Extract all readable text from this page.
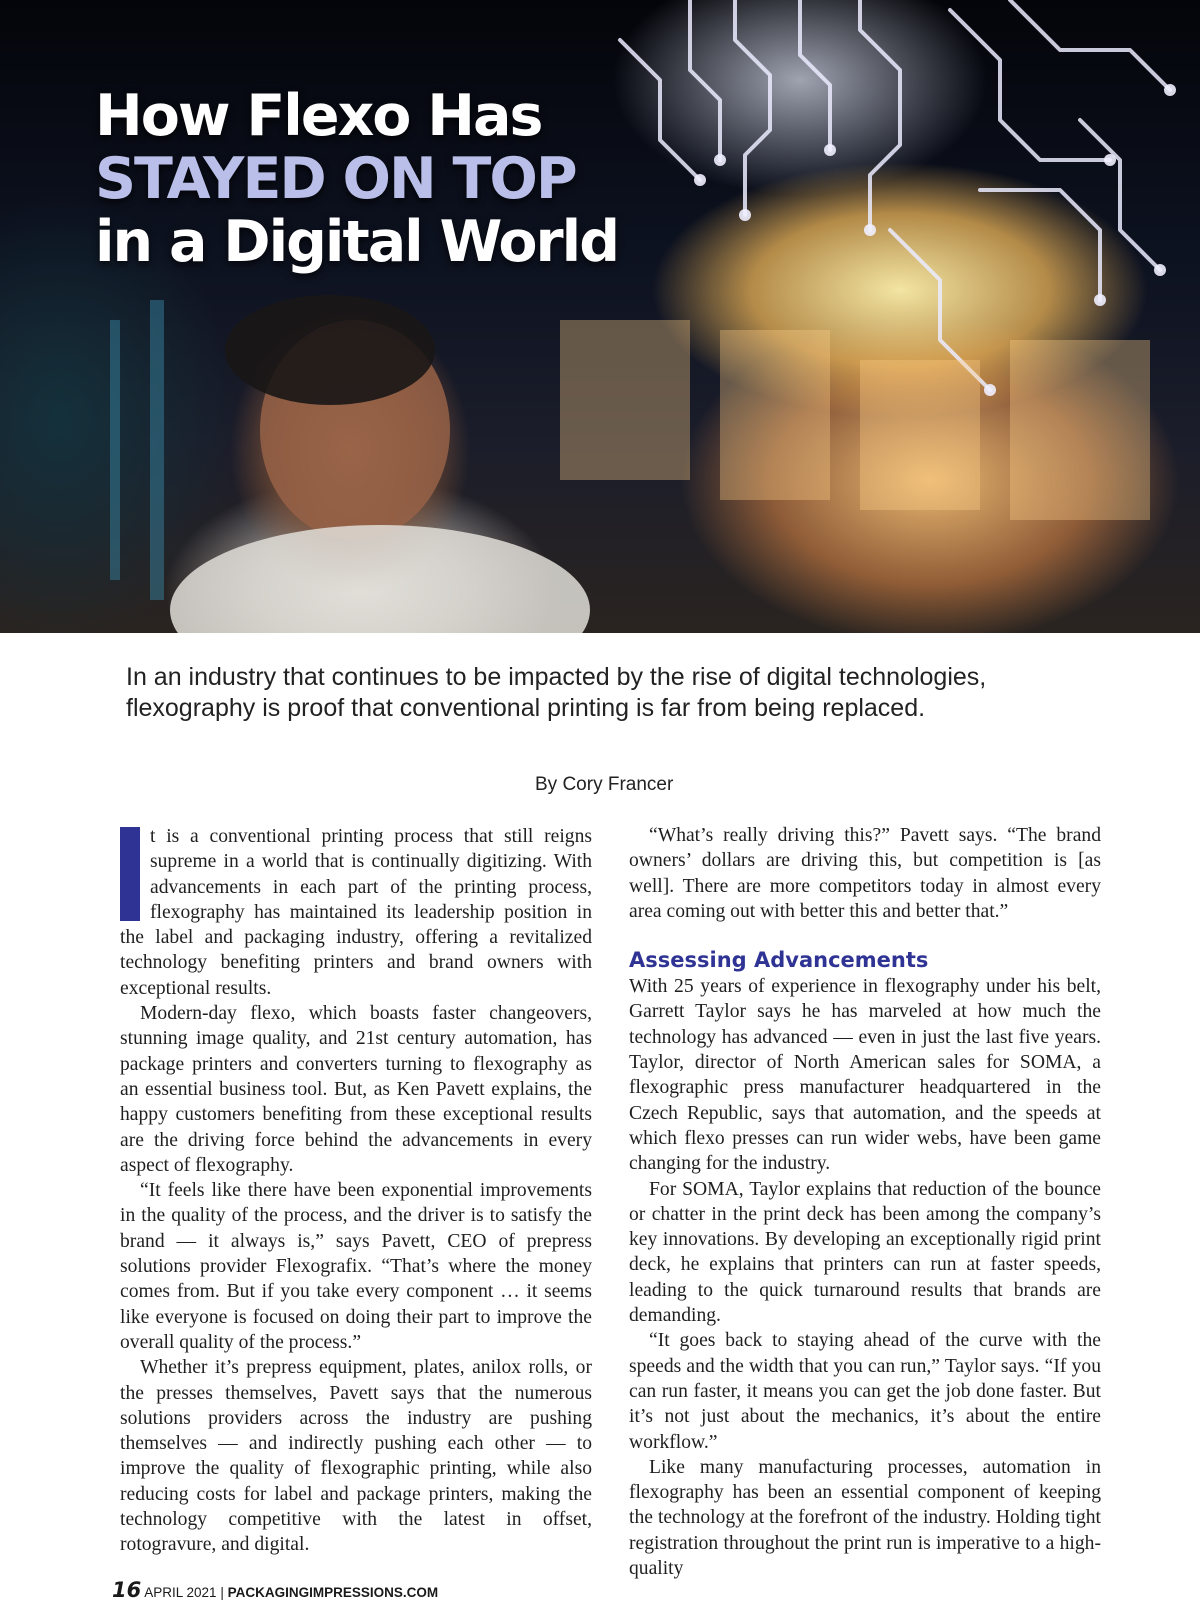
How Flexo Has
STAYED ON TOP
in a Digital World

In an industry that continues to be impacted by the rise of digital technologies, flexography is proof that conventional printing is far from being replaced.

By Cory Francer

t is a conventional printing process that still reigns supreme in a world that is continually digitizing. With advancements in each part of the printing process, flexography has maintained its leadership position in the label and packaging industry, offering a revitalized technology benefiting printers and brand owners with exceptional results.

Modern-day flexo, which boasts faster changeovers, stunning image quality, and 21st century automation, has package printers and converters turning to flexography as an essential business tool. But, as Ken Pavett explains, the happy customers benefiting from these exceptional results are the driving force behind the advancements in every aspect of flexography.

“It feels like there have been exponential improvements in the quality of the process, and the driver is to satisfy the brand — it always is,” says Pavett, CEO of prepress solutions provider Flexografix. “That’s where the money comes from. But if you take every component … it seems like everyone is focused on doing their part to improve the overall quality of the process.”

Whether it’s prepress equipment, plates, anilox rolls, or the presses themselves, Pavett says that the numerous solutions providers across the industry are pushing themselves — and indirectly pushing each other — to improve the quality of flexographic printing, while also reducing costs for label and package printers, making the technology competitive with the latest in offset, rotogravure, and digital.

“What’s really driving this?” Pavett says. “The brand owners’ dollars are driving this, but competition is [as well]. There are more competitors today in almost every area coming out with better this and better that.”

Assessing Advancements

With 25 years of experience in flexography under his belt, Garrett Taylor says he has marveled at how much the technology has advanced — even in just the last five years. Taylor, director of North American sales for SOMA, a flexographic press manufacturer headquartered in the Czech Republic, says that automation, and the speeds at which flexo presses can run wider webs, have been game changing for the industry.

For SOMA, Taylor explains that reduction of the bounce or chatter in the print deck has been among the company’s key innovations. By developing an exceptionally rigid print deck, he explains that printers can run at faster speeds, leading to the quick turnaround results that brands are demanding.

“It goes back to staying ahead of the curve with the speeds and the width that you can run,” Taylor says. “If you can run faster, it means you can get the job done faster. But it’s not just about the mechanics, it’s about the entire workflow.”

Like many manufacturing processes, automation in flexography has been an essential component of keeping the technology at the forefront of the industry. Holding tight registration throughout the print run is imperative to a high-quality

16 APRIL 2021 | PACKAGINGIMPRESSIONS.COM
